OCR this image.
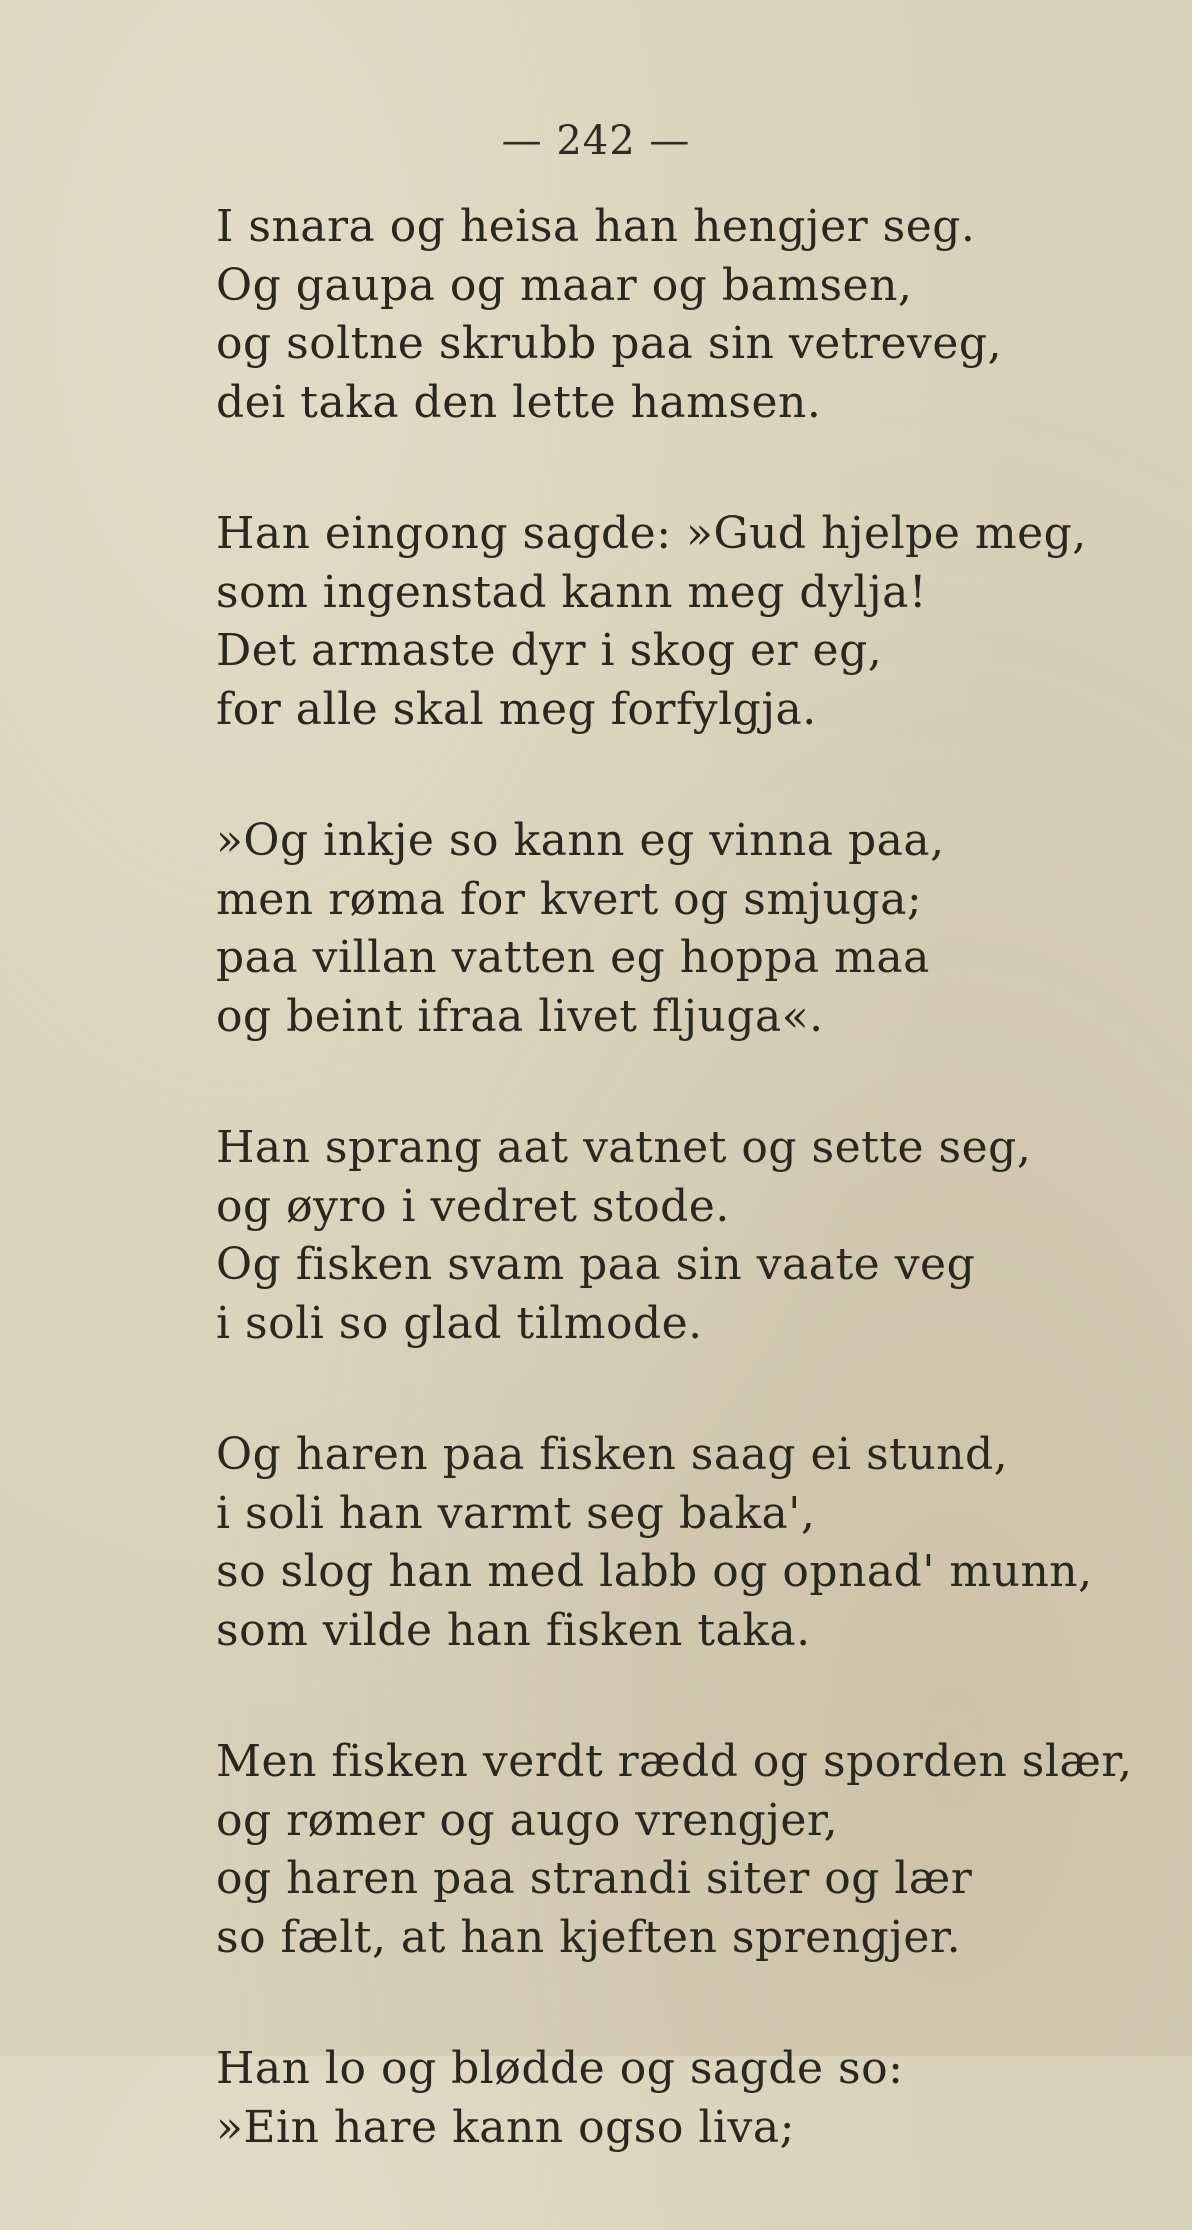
— 242 —
I snara og heisa han hengjer seg.
Og gaupa og maar og bamsen,
og soltne skrubb paa sin vetreveg,
dei taka den lette hamsen.
Han eingong sagde: »Gud hjelpe meg,
som ingenstad kann meg dylja!
Det armaste dyr i skog er eg,
for alle skal meg forfylgja.
»Og inkje so kann eg vinna paa,
men røma for kvert og smjuga;
paa villan vatten eg hoppa maa
og beint ifraa livet fljuga«.
Han sprang aat vatnet og sette seg,
og øyro i vedret stode.
Og fisken svam paa sin vaate veg
i soli so glad tilmode.
Og haren paa fisken saag ei stund,
i soli han varmt seg baka',
so slog han med labb og opnad' munn,
som vilde han fisken taka.
Men fisken verdt rædd og sporden slær,
og rømer og augo vrengjer,
og haren paa strandi siter og lær
so fælt, at han kjeften sprengjer.
Han lo og blødde og sagde so:
»Ein hare kann ogso liva;
